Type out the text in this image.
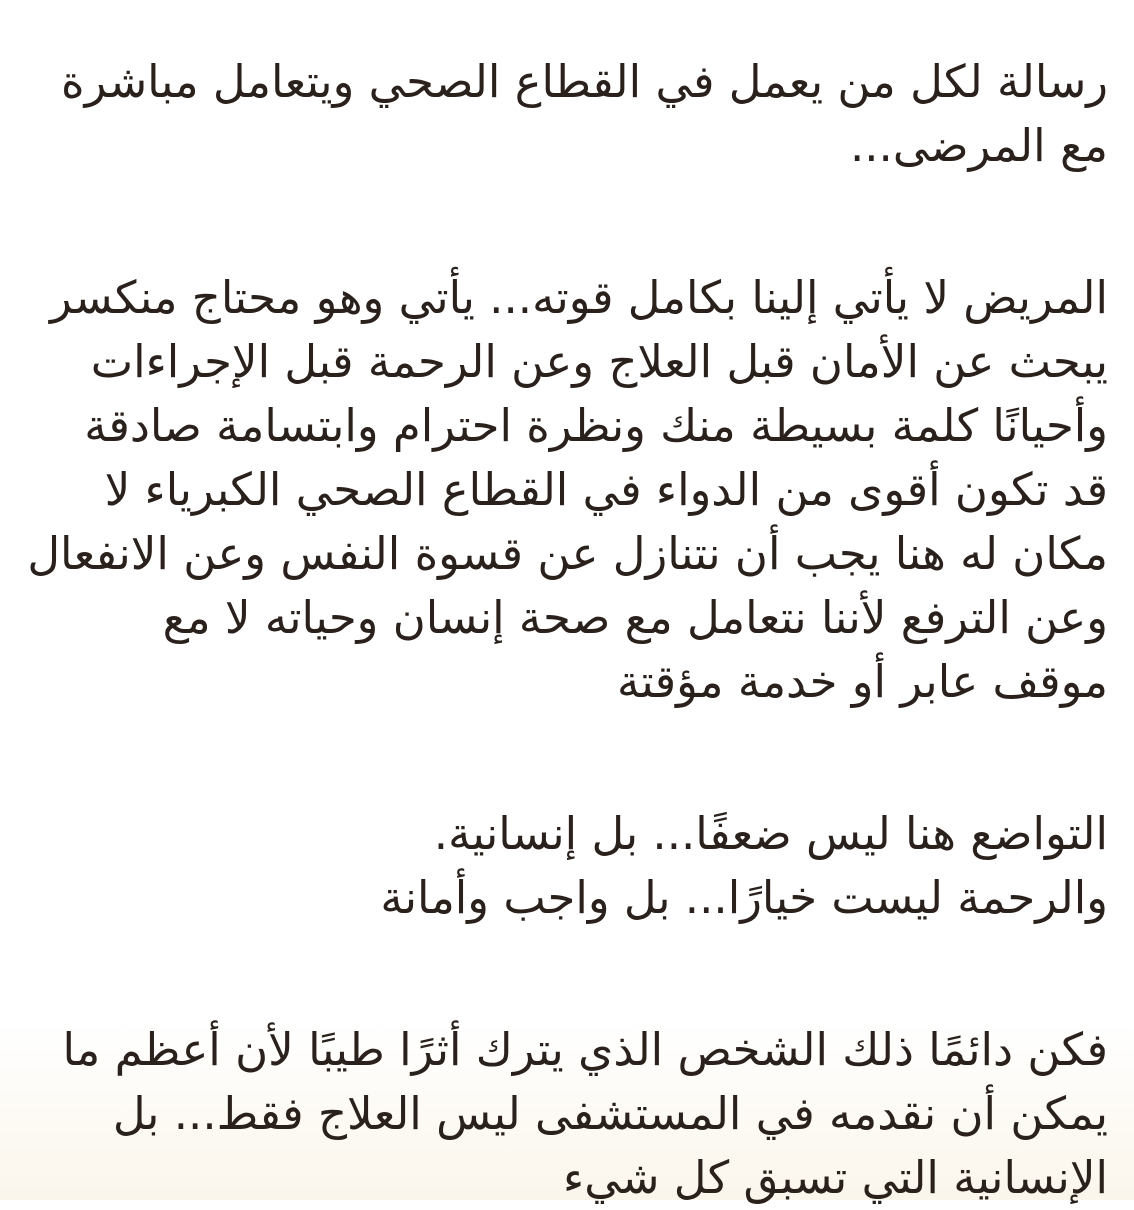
رسالة لكل من يعمل في القطاع الصحي ويتعامل مباشرة
مع المرضى...

المريض لا يأتي إلينا بكامل قوته... يأتي وهو محتاج منكسر
يبحث عن الأمان قبل العلاج وعن الرحمة قبل الإجراءات
وأحيانًا كلمة بسيطة منك ونظرة احترام وابتسامة صادقة
قد تكون أقوى من الدواء في القطاع الصحي الكبرياء لا
مكان له هنا يجب أن نتنازل عن قسوة النفس وعن الانفعال
وعن الترفع لأننا نتعامل مع صحة إنسان وحياته لا مع
موقف عابر أو خدمة مؤقتة

التواضع هنا ليس ضعفًا... بل إنسانية.
والرحمة ليست خيارًا... بل واجب وأمانة

فكن دائمًا ذلك الشخص الذي يترك أثرًا طيبًا لأن أعظم ما
يمكن أن نقدمه في المستشفى ليس العلاج فقط... بل
الإنسانية التي تسبق كل شيء
